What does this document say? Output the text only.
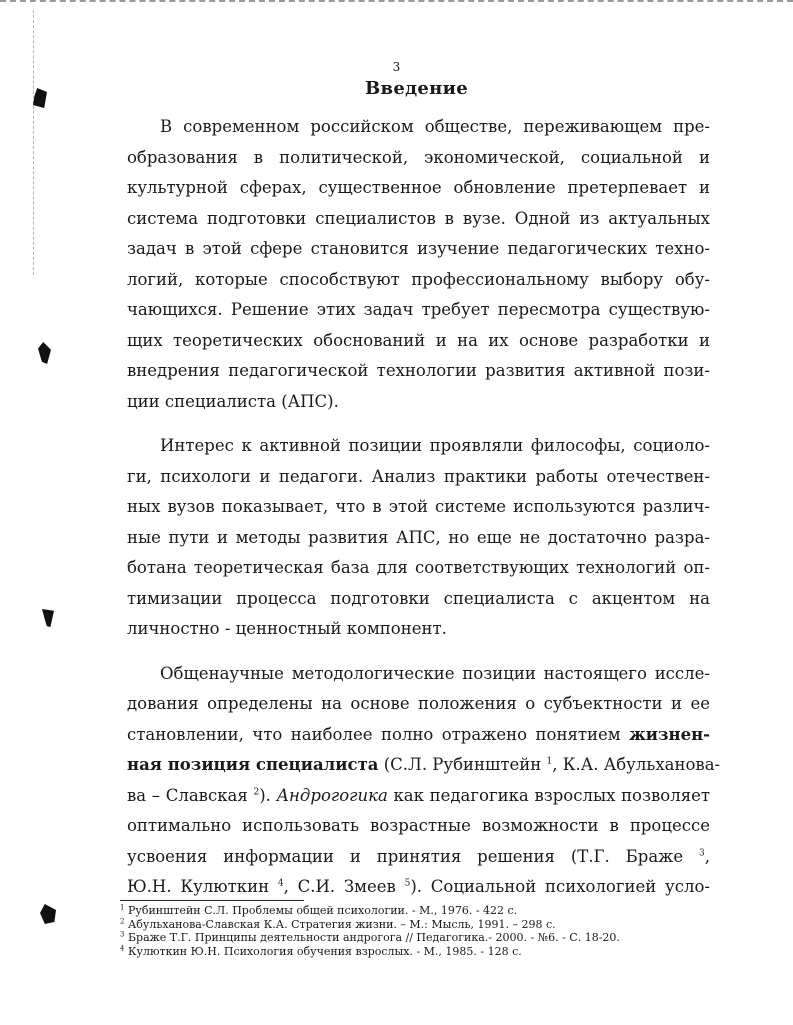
3
Введение
В современном российском обществе, переживающем пре-
образования в политической, экономической, социальной и
культурной сферах, существенное обновление претерпевает и
система подготовки специалистов в вузе. Одной из актуальных
задач в этой сфере становится изучение педагогических техно-
логий, которые способствуют профессиональному выбору обу-
чающихся. Решение этих задач требует пересмотра существую-
щих теоретических обоснований и на их основе разработки и
внедрения педагогической технологии развития активной пози-
ции специалиста (АПС).
Интерес к активной позиции проявляли философы, социоло-
ги, психологи и педагоги. Анализ практики работы отечествен-
ных вузов показывает, что в этой системе используются различ-
ные пути и методы развития АПС, но еще не достаточно разра-
ботана теоретическая база для соответствующих технологий оп-
тимизации процесса подготовки специалиста с акцентом на
личностно - ценностный компонент.
Общенаучные методологические позиции настоящего иссле-
дования определены на основе положения о субъектности и ее
становлении, что наиболее полно отражено понятием жизнен-
ная позиция специалиста (С.Л. Рубинштейн $^1$, К.А. Абульханова-
ва – Славская $^2$). Андрогогика как педагогика взрослых позволяет
оптимально использовать возрастные возможности в процессе
усвоения информации и принятия решения (Т.Г. Браже $^3$,
Ю.Н. Кулюткин $^4$, С.И. Змеев $^5$). Социальной психологией усло-
$^1$ Рубинштейн С.Л. Проблемы общей психологии. - М., 1976. - 422 с.
$^2$ Абульханова-Славская К.А. Стратегия жизни. – М.: Мысль, 1991. – 298 с.
$^3$ Браже Т.Г. Принципы деятельности андрогога // Педагогика.- 2000. - №6. - С. 18-20.
$^4$ Кулюткин Ю.Н. Психология обучения взрослых. - М., 1985. - 128 с.
